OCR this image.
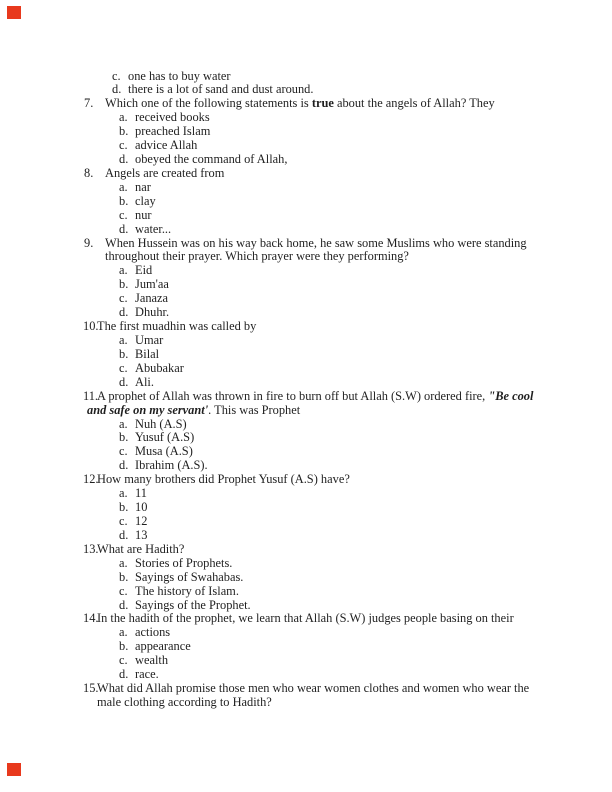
c. one has to buy water
d. there is a lot of sand and dust around.
7. Which one of the following statements is true about the angels of Allah? They
a. received books
b. preached Islam
c. advice Allah
d. obeyed the command of Allah,
8. Angels are created from
a. nar
b. clay
c. nur
d. water...
9. When Hussein was on his way back home, he saw some Muslims who were standing
throughout their prayer. Which prayer were they performing?
a. Eid
b. Jum'aa
c. Janaza
d. Dhuhr.
10.The first muadhin was called by
a. Umar
b. Bilal
c. Abubakar
d. Ali.
11.A prophet of Allah was thrown in fire to burn off but Allah (S.W) ordered fire, "Be cool
and safe on my servant'. This was Prophet
a. Nuh (A.S)
b. Yusuf (A.S)
c. Musa (A.S)
d. Ibrahim (A.S).
12.How many brothers did Prophet Yusuf (A.S) have?
a. 11
b. 10
c. 12
d. 13
13.What are Hadith?
a. Stories of Prophets.
b. Sayings of Swahabas.
c. The history of Islam.
d. Sayings of the Prophet.
14.In the hadith of the prophet, we learn that Allah (S.W) judges people basing on their
a. actions
b. appearance
c. wealth
d. race.
15.What did Allah promise those men who wear women clothes and women who wear the
male clothing according to Hadith?
